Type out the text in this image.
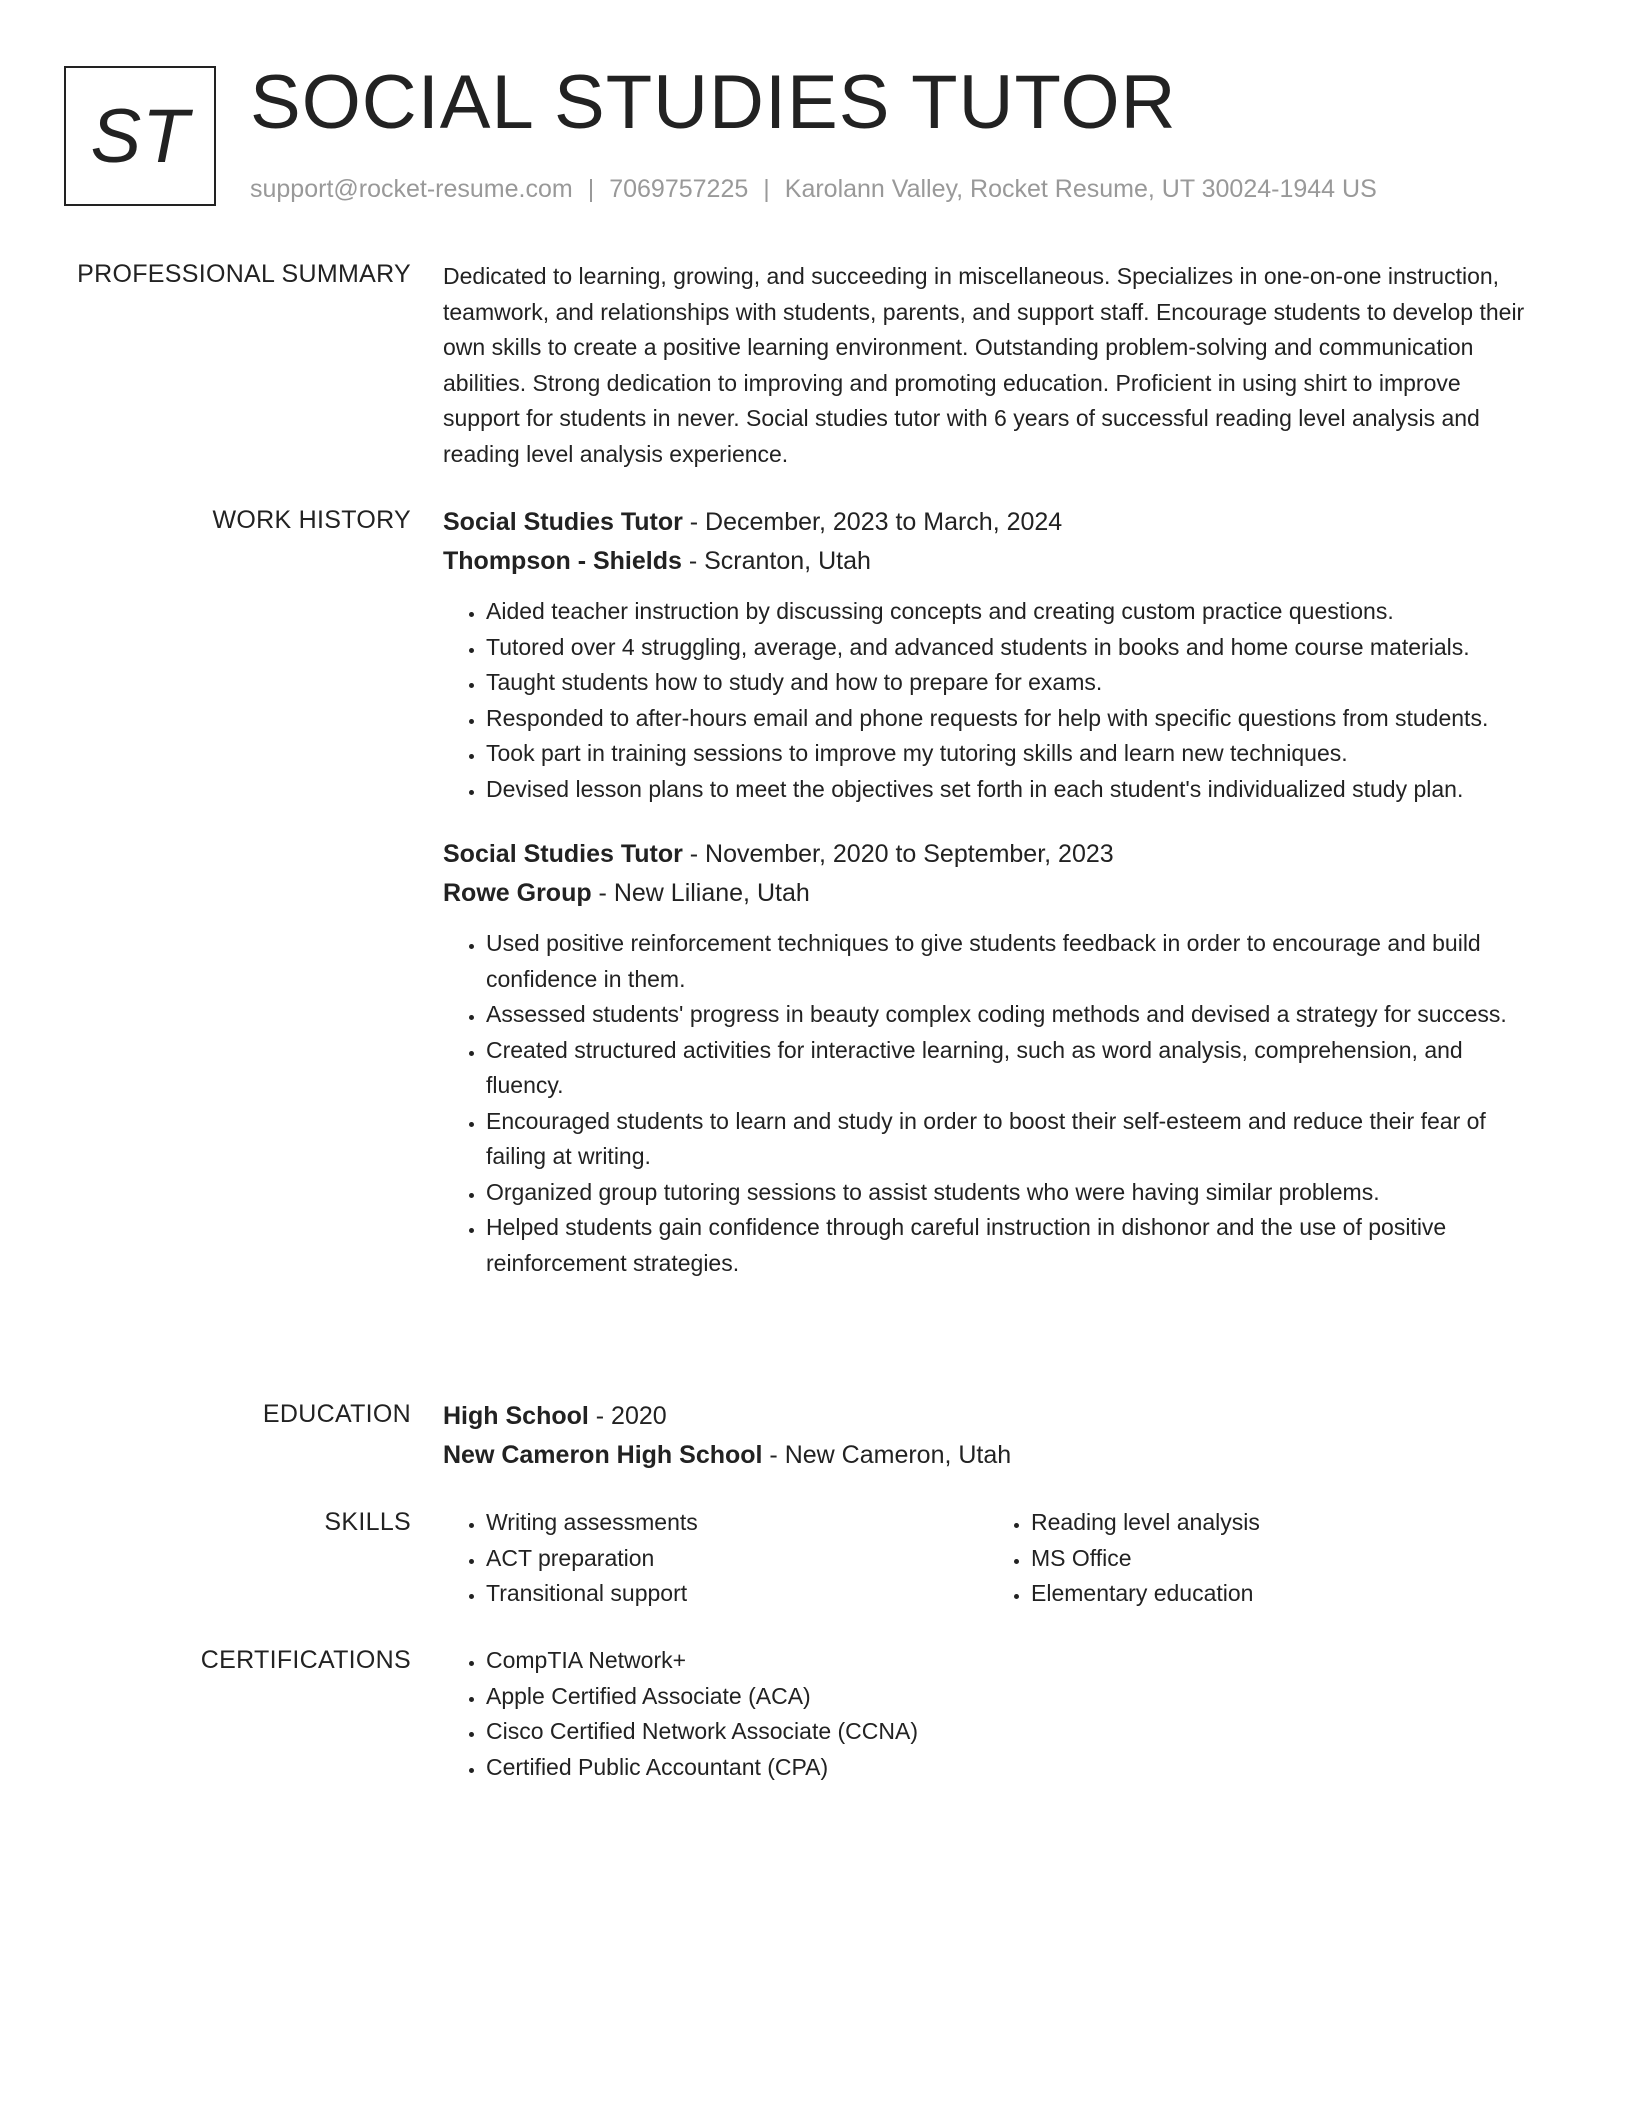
ST SOCIAL STUDIES TUTOR
support@rocket-resume.com | 7069757225 | Karolann Valley, Rocket Resume, UT 30024-1944 US
PROFESSIONAL SUMMARY Dedicated to learning, growing, and succeeding in miscellaneous. Specializes in one-on-one instruction, teamwork, and relationships with students, parents, and support staff. Encourage students to develop their own skills to create a positive learning environment. Outstanding problem-solving and communication abilities. Strong dedication to improving and promoting education. Proficient in using shirt to improve support for students in never. Social studies tutor with 6 years of successful reading level analysis and reading level analysis experience.

WORK HISTORY Social Studies Tutor - December, 2023 to March, 2024
Thompson - Shields - Scranton, Utah
• Aided teacher instruction by discussing concepts and creating custom practice questions.
• Tutored over 4 struggling, average, and advanced students in books and home course materials.
• Taught students how to study and how to prepare for exams.
• Responded to after-hours email and phone requests for help with specific questions from students.
• Took part in training sessions to improve my tutoring skills and learn new techniques.
• Devised lesson plans to meet the objectives set forth in each student's individualized study plan.
Social Studies Tutor - November, 2020 to September, 2023
Rowe Group - New Liliane, Utah
• Used positive reinforcement techniques to give students feedback in order to encourage and build confidence in them.
• Assessed students' progress in beauty complex coding methods and devised a strategy for success.
• Created structured activities for interactive learning, such as word analysis, comprehension, and fluency.
• Encouraged students to learn and study in order to boost their self-esteem and reduce their fear of failing at writing.
• Organized group tutoring sessions to assist students who were having similar problems.
• Helped students gain confidence through careful instruction in dishonor and the use of positive reinforcement strategies.
EDUCATION High School - 2020
New Cameron High School - New Cameron, Utah
SKILLS	• Writing assessments
• ACT preparation
• Transitional support
• Reading level analysis
• MS Office
• Elementary education
CERTIFICATIONS	• CompTIA Network+
• Apple Certified Associate (ACA)
• Cisco Certified Network Associate (CCNA)
• Certified Public Accountant (CPA)
